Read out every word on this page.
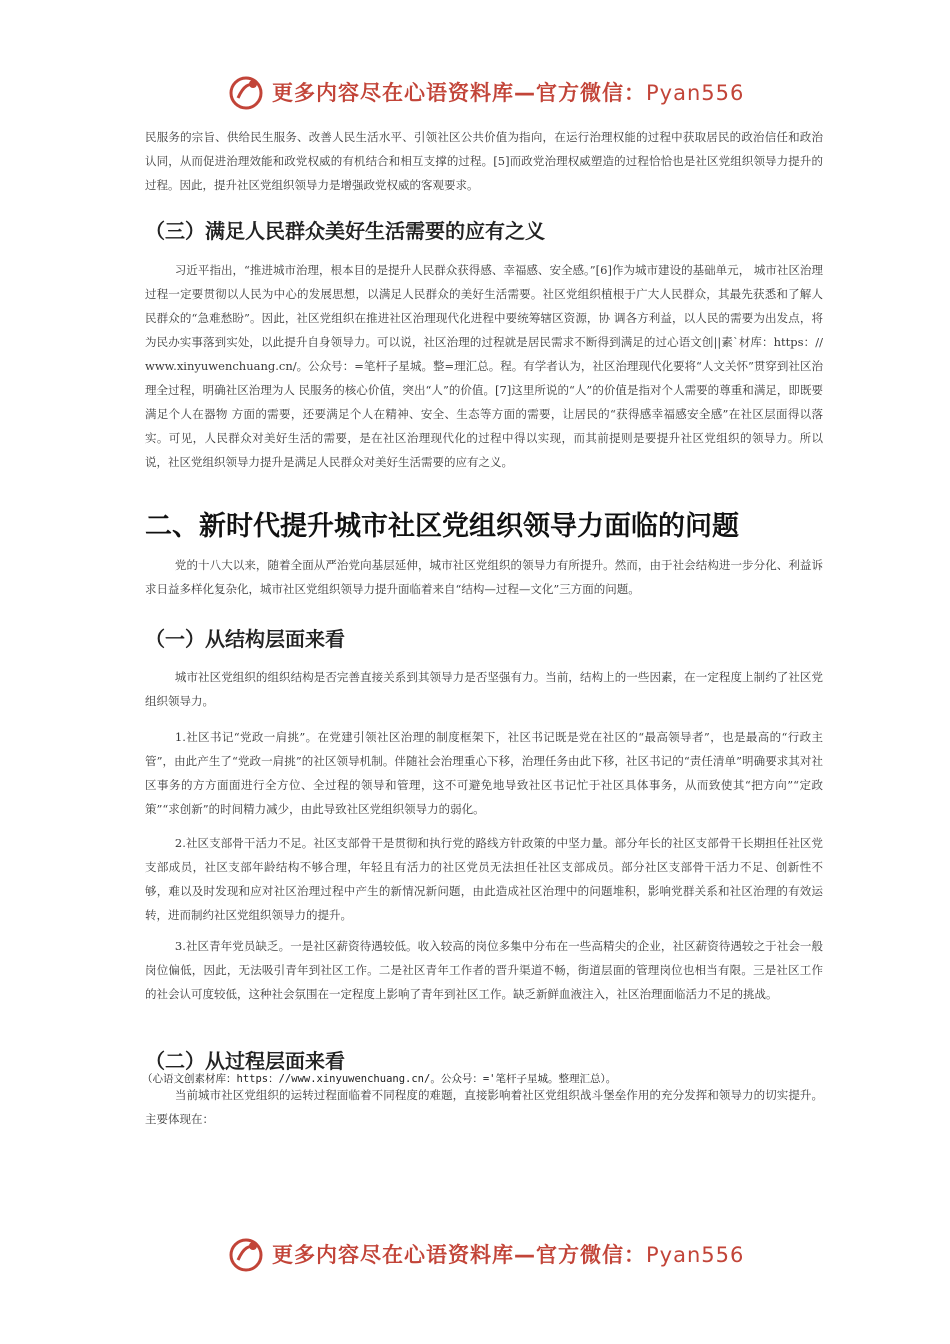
更多内容尽在心语资料库—官方微信：Pyan556

民服务的宗旨、供给民生服务、改善人民生活水平、引领社区公共价值为指向，在运行治理权能的过程中获取居民的政治信任和政治认同，从而促进治理效能和政党权威的有机结合和相互支撑的过程。[5]而政党治理权威塑造的过程恰恰也是社区党组织领导力提升的过程。因此，提升社区党组织领导力是增强政党权威的客观要求。

（三）满足人民群众美好生活需要的应有之义

习近平指出，“推进城市治理，根本目的是提升人民群众获得感、幸福感、安全感。”[6]作为城市建设的基础单元， 城市社区治理过程一定要贯彻以人民为中心的发展思想，以满足人民群众的美好生活需要。社区党组织植根于广大人民群众，其最先获悉和了解人民群众的“急难愁盼”。因此，社区党组织在推进社区治理现代化进程中要统筹辖区资源，协 调各方利益，以人民的需要为出发点，将为民办实事落到实处，以此提升自身领导力。可以说，社区治理的过程就是居民需求不断得到满足的过心语文创||素`材库：https：//www.xinyuwenchuang.cn/。公众号：=笔杆子星城。整=理汇总。程。有学者认为，社区治理现代化要将“人文关怀”贯穿到社区治理全过程，明确社区治理为人 民服务的核心价值，突出“人”的价值。[7]这里所说的“人”的价值是指对个人需要的尊重和满足，即既要满足个人在器物 方面的需要，还要满足个人在精神、安全、生态等方面的需要，让居民的“获得感幸福感安全感”在社区层面得以落实。可见，人民群众对美好生活的需要，是在社区治理现代化的过程中得以实现，而其前提则是要提升社区党组织的领导力。所以说，社区党组织领导力提升是满足人民群众对美好生活需要的应有之义。

二、新时代提升城市社区党组织领导力面临的问题

党的十八大以来，随着全面从严治党向基层延伸，城市社区党组织的领导力有所提升。然而，由于社会结构进一步分化、利益诉求日益多样化复杂化，城市社区党组织领导力提升面临着来自“结构—过程—文化”三方面的问题。

（一）从结构层面来看

城市社区党组织的组织结构是否完善直接关系到其领导力是否坚强有力。当前，结构上的一些因素，在一定程度上制约了社区党组织领导力。

1.社区书记“党政一肩挑”。在党建引领社区治理的制度框架下，社区书记既是党在社区的“最高领导者”，也是最高的“行政主管”，由此产生了“党政一肩挑”的社区领导机制。伴随社会治理重心下移，治理任务由此下移，社区书记的“责任清单”明确要求其对社区事务的方方面面进行全方位、全过程的领导和管理，这不可避免地导致社区书记忙于社区具体事务，从而致使其“把方向”“定政策”“求创新”的时间精力减少，由此导致社区党组织领导力的弱化。

2.社区支部骨干活力不足。社区支部骨干是贯彻和执行党的路线方针政策的中坚力量。部分年长的社区支部骨干长期担任社区党支部成员，社区支部年龄结构不够合理，年轻且有活力的社区党员无法担任社区支部成员。部分社区支部骨干活力不足、创新性不够，难以及时发现和应对社区治理过程中产生的新情况新问题，由此造成社区治理中的问题堆积，影响党群关系和社区治理的有效运转，进而制约社区党组织领导力的提升。

3.社区青年党员缺乏。一是社区薪资待遇较低。收入较高的岗位多集中分布在一些高精尖的企业，社区薪资待遇较之于社会一般岗位偏低，因此，无法吸引青年到社区工作。二是社区青年工作者的晋升渠道不畅，街道层面的管理岗位也相当有限。三是社区工作的社会认可度较低，这种社会氛围在一定程度上影响了青年到社区工作。缺乏新鲜血液注入，社区治理面临活力不足的挑战。

（二）从过程层面来看
（心语文创素材库：https：//www.xinyuwenchuang.cn/。公众号：='笔杆子星城。整理汇总）。

当前城市社区党组织的运转过程面临着不同程度的难题，直接影响着社区党组织战斗堡垒作用的充分发挥和领导力的切实提升。主要体现在：

更多内容尽在心语资料库—官方微信：Pyan556
